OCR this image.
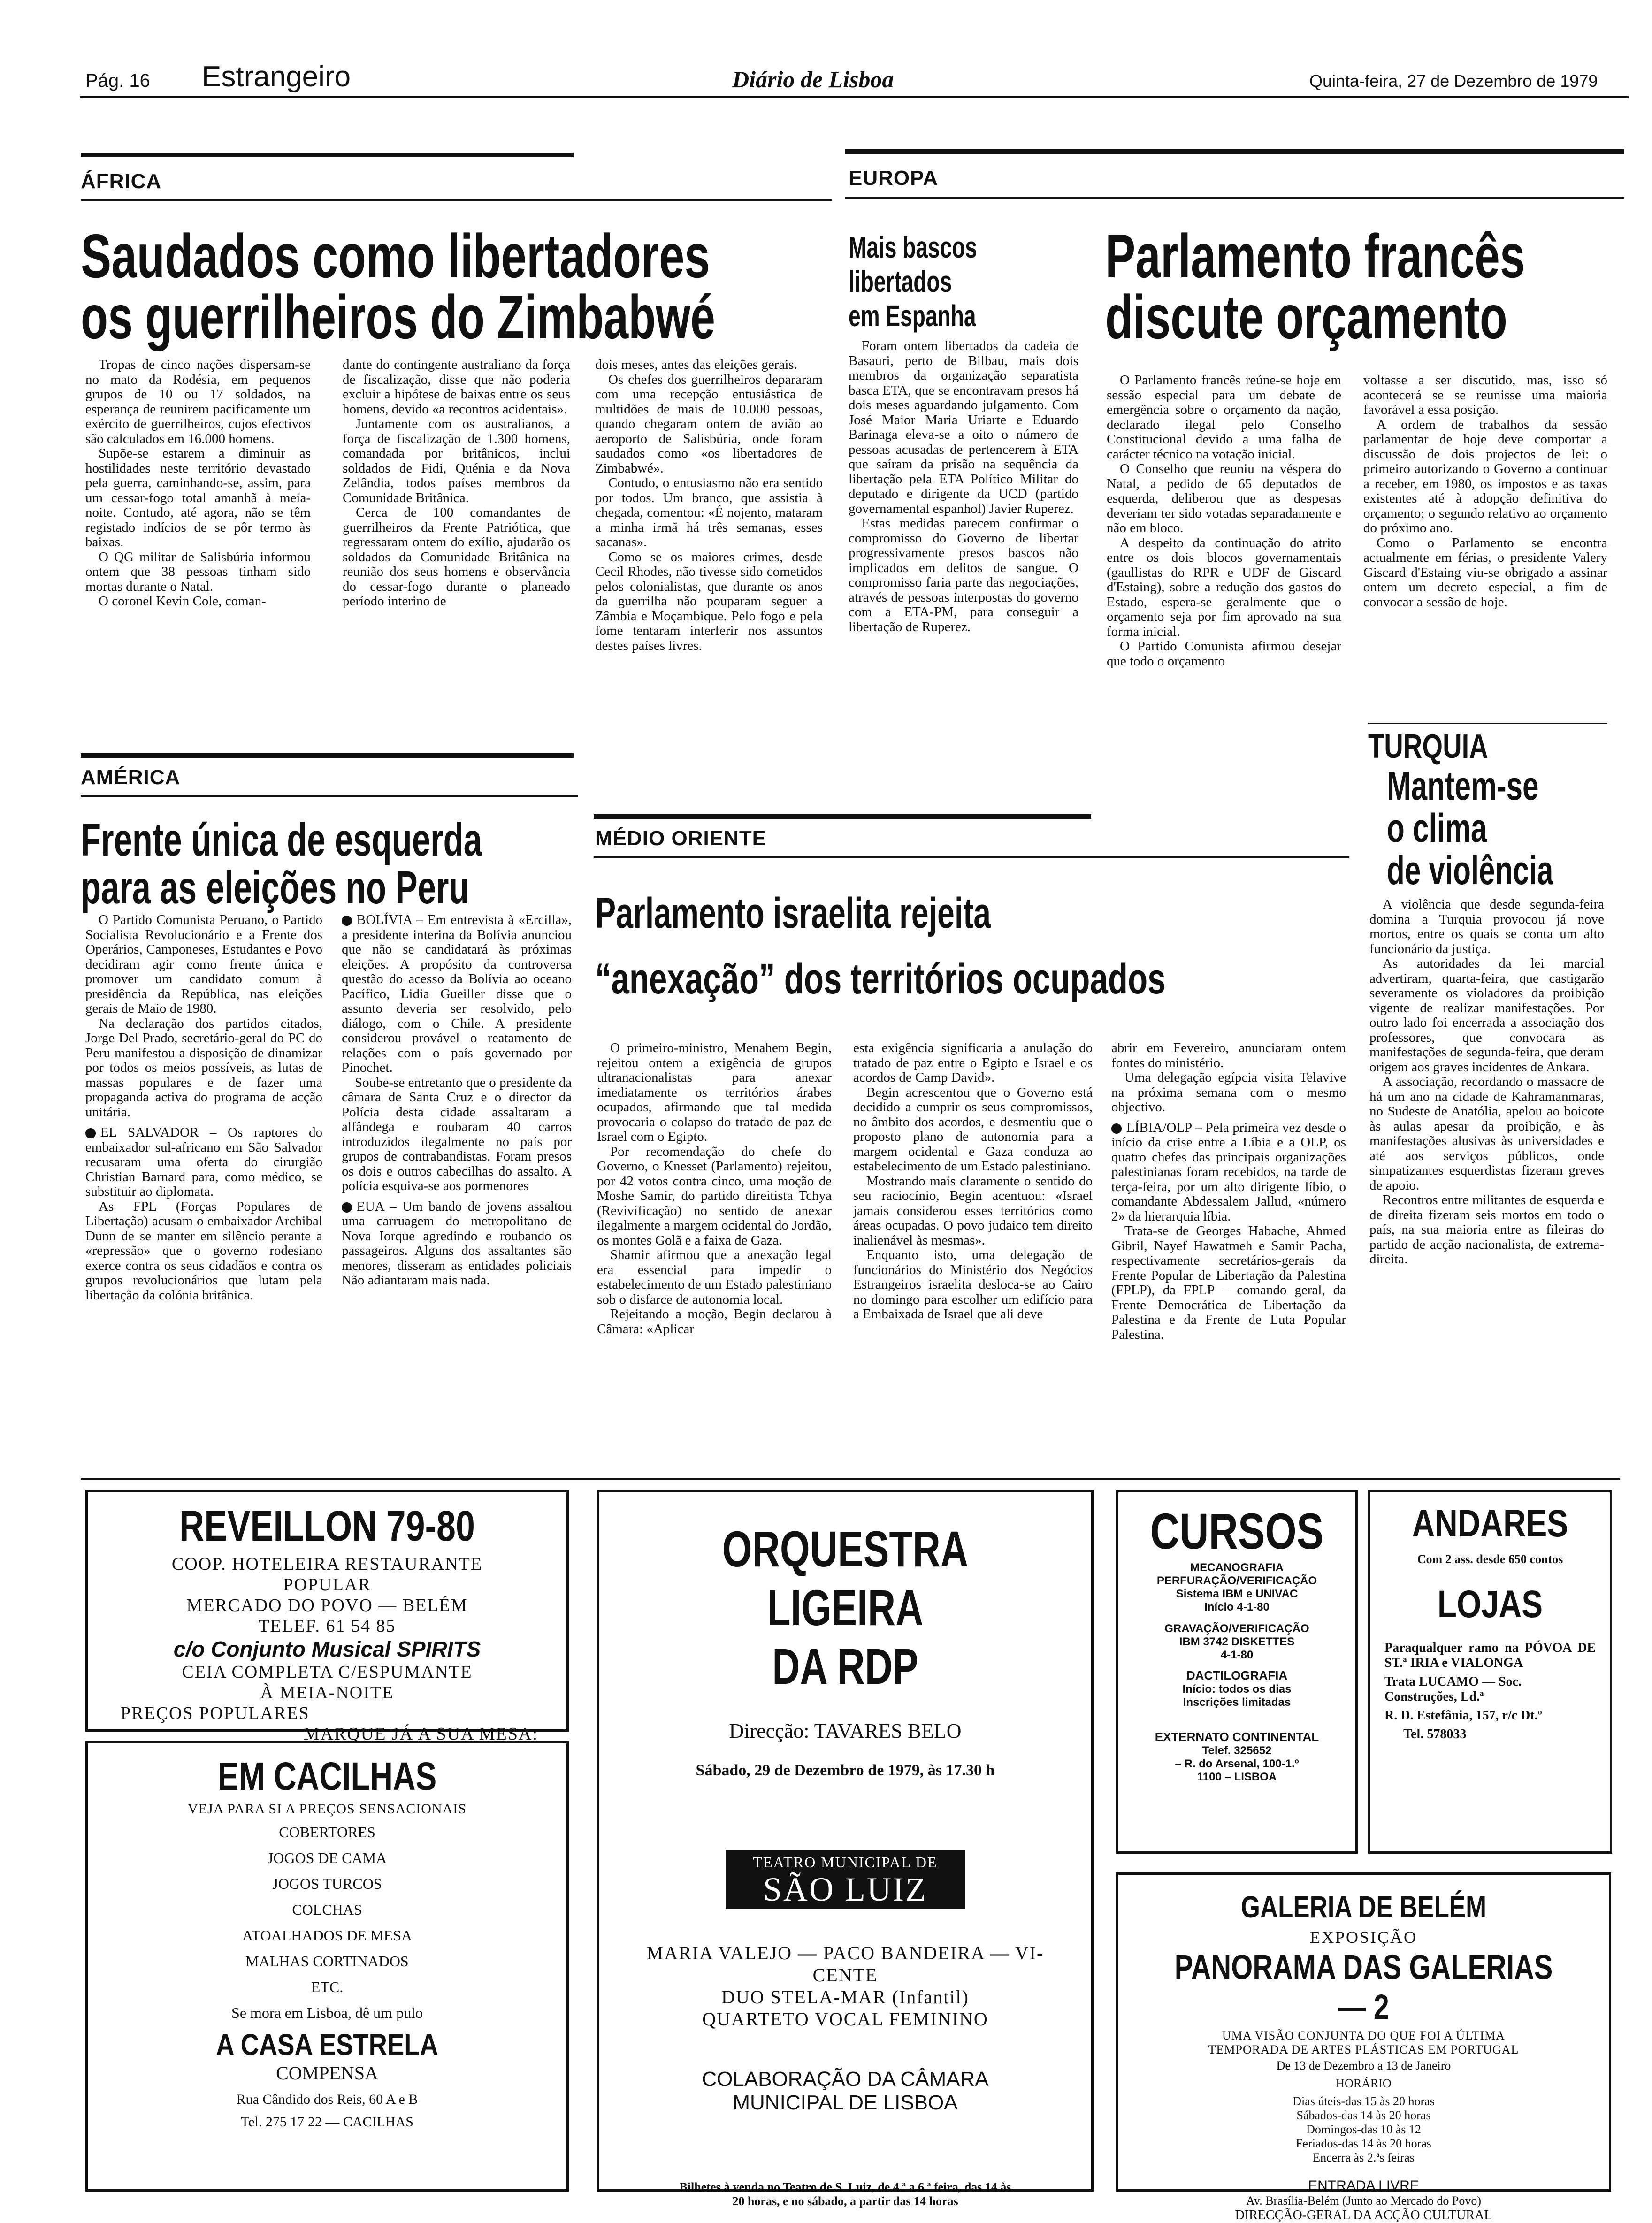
Pág. 16 Estrangeiro	Diário de Lisboa	Quinta-feira, 27 de Dezembro de 1979
ÁFRICA
Saudados como libertadores
os guerrilheiros do Zimbabwé

Tropas de cinco nações dispersam-se no mato da Rodésia, em pequenos grupos de 10 ou 17 soldados, na esperança de reunirem pacificamente um exército de guerrilheiros, cujos efectivos são calculados em 16.000 homens.

Supõe-se estarem a diminuir as hostilidades neste território devastado pela guerra, caminhando-se, assim, para um cessar-fogo total amanhã à meia-noite. Contudo, até agora, não se têm registado indícios de se pôr termo às baixas.

O QG militar de Salisbúria informou ontem que 38 pessoas tinham sido mortas durante o Natal.

O coronel Kevin Cole, coman-

dante do contingente australiano da força de fiscalização, disse que não poderia excluir a hipótese de baixas entre os seus homens, devido «a recontros acidentais».

Juntamente com os australianos, a força de fiscalização de 1.300 homens, comandada por britânicos, inclui soldados de Fidi, Quénia e da Nova Zelândia, todos países membros da Comunidade Britânica.

Cerca de 100 comandantes de guerrilheiros da Frente Patriótica, que regressaram ontem do exílio, ajudarão os soldados da Comunidade Britânica na reunião dos seus homens e observância do cessar-fogo durante o planeado período interino de

dois meses, antes das eleições gerais.

Os chefes dos guerrilheiros depararam com uma recepção entusiástica de multidões de mais de 10.000 pessoas, quando chegaram ontem de avião ao aeroporto de Salisbúria, onde foram saudados como «os libertadores de Zimbabwé».

Contudo, o entusiasmo não era sentido por todos. Um branco, que assistia à chegada, comentou: «É nojento, mataram a minha irmã há três semanas, esses sacanas».

Como se os maiores crimes, desde Cecil Rhodes, não tivesse sido cometidos pelos colonialistas, que durante os anos da guerrilha não pouparam seguer a Zâmbia e Moçambique. Pelo fogo e pela fome tentaram interferir nos assuntos destes países livres.

EUROPA
Mais bascos
libertados
em Espanha

Foram ontem libertados da cadeia de Basauri, perto de Bilbau, mais dois membros da organização separatista basca ETA, que se encontravam presos há dois meses aguardando julgamento. Com José Maior Maria Uriarte e Eduardo Barinaga eleva-se a oito o número de pessoas acusadas de pertencerem à ETA que saíram da prisão na sequência da libertação pela ETA Político Militar do deputado e dirigente da UCD (partido governamental espanhol) Javier Ruperez.

Estas medidas parecem confirmar o compromisso do Governo de libertar progressivamente presos bascos não implicados em delitos de sangue. O compromisso faria parte das negociações, através de pessoas interpostas do governo com a ETA-PM, para conseguir a libertação de Ruperez.

Parlamento francês
discute orçamento

O Parlamento francês reúne-se hoje em sessão especial para um debate de emergência sobre o orçamento da nação, declarado ilegal pelo Conselho Constitucional devido a uma falha de carácter técnico na votação inicial.

O Conselho que reuniu na véspera do Natal, a pedido de 65 deputados de esquerda, deliberou que as despesas deveriam ter sido votadas separadamente e não em bloco.

A despeito da continuação do atrito entre os dois blocos governamentais (gaullistas do RPR e UDF de Giscard d'Estaing), sobre a redução dos gastos do Estado, espera-se geralmente que o orçamento seja por fim aprovado na sua forma inicial.

O Partido Comunista afirmou desejar que todo o orçamento

voltasse a ser discutido, mas, isso só acontecerá se se reunisse uma maioria favorável a essa posição.

A ordem de trabalhos da sessão parlamentar de hoje deve comportar a discussão de dois projectos de lei: o primeiro autorizando o Governo a continuar a receber, em 1980, os impostos e as taxas existentes até à adopção definitiva do orçamento; o segundo relativo ao orçamento do próximo ano.

Como o Parlamento se encontra actualmente em férias, o presidente Valery Giscard d'Estaing viu-se obrigado a assinar ontem um decreto especial, a fim de convocar a sessão de hoje.

TURQUIA
Mantem-se
o clima
de violência

A violência que desde segunda-feira domina a Turquia provocou já nove mortos, entre os quais se conta um alto funcionário da justiça.

As autoridades da lei marcial advertiram, quarta-feira, que castigarão severamente os violadores da proibição vigente de realizar manifestações. Por outro lado foi encerrada a associação dos professores, que convocara as manifestações de segunda-feira, que deram origem aos graves incidentes de Ankara.

A associação, recordando o massacre de há um ano na cidade de Kahramanmaras, no Sudeste de Anatólia, apelou ao boicote às aulas apesar da proibição, e às manifestações alusivas às universidades e até aos serviços públicos, onde simpatizantes esquerdistas fizeram greves de apoio.

Recontros entre militantes de esquerda e de direita fizeram seis mortos em todo o país, na sua maioria entre as fileiras do partido de acção nacionalista, de extrema-direita.

AMÉRICA
Frente única de esquerda
para as eleições no Peru

O Partido Comunista Peruano, o Partido Socialista Revolucionário e a Frente dos Operários, Camponeses, Estudantes e Povo decidiram agir como frente única e promover um candidato comum à presidência da República, nas eleições gerais de Maio de 1980.

Na declaração dos partidos citados, Jorge Del Prado, secretário-geral do PC do Peru manifestou a disposição de dinamizar por todos os meios possíveis, as lutas de massas populares e de fazer uma propaganda activa do programa de acção unitária.

EL SALVADOR – Os raptores do embaixador sul-africano em São Salvador recusaram uma oferta do cirurgião Christian Barnard para, como médico, se substituir ao diplomata.

As FPL (Forças Populares de Libertação) acusam o embaixador Archibal Dunn de se manter em silêncio perante a «repressão» que o governo rodesiano exerce contra os seus cidadãos e contra os grupos revolucionários que lutam pela libertação da colónia britânica.

BOLÍVIA – Em entrevista à «Ercilla», a presidente interina da Bolívia anunciou que não se candidatará às próximas eleições. A propósito da controversa questão do acesso da Bolívia ao oceano Pacífico, Lidia Gueiller disse que o assunto deveria ser resolvido, pelo diálogo, com o Chile. A presidente considerou provável o reatamento de relações com o país governado por Pinochet.

Soube-se entretanto que o presidente da câmara de Santa Cruz e o director da Polícia desta cidade assaltaram a alfândega e roubaram 40 carros introduzidos ilegalmente no país por grupos de contrabandistas. Foram presos os dois e outros cabecilhas do assalto. A polícia esquiva-se aos pormenores

EUA – Um bando de jovens assaltou uma carruagem do metropolitano de Nova Iorque agredindo e roubando os passageiros. Alguns dos assaltantes são menores, disseram as entidades policiais Não adiantaram mais nada.

MÉDIO ORIENTE
Parlamento israelita rejeita
“anexação” dos territórios ocupados

O primeiro-ministro, Menahem Begin, rejeitou ontem a exigência de grupos ultranacionalistas para anexar imediatamente os territórios árabes ocupados, afirmando que tal medida provocaria o colapso do tratado de paz de Israel com o Egipto.

Por recomendação do chefe do Governo, o Knesset (Parlamento) rejeitou, por 42 votos contra cinco, uma moção de Moshe Samir, do partido direitista Tchya (Revivificação) no sentido de anexar ilegalmente a margem ocidental do Jordão, os montes Golã e a faixa de Gaza.

Shamir afirmou que a anexação legal era essencial para impedir o estabelecimento de um Estado palestiniano sob o disfarce de autonomia local.

Rejeitando a moção, Begin declarou à Câmara: «Aplicar

esta exigência significaria a anulação do tratado de paz entre o Egipto e Israel e os acordos de Camp David».

Begin acrescentou que o Governo está decidido a cumprir os seus compromissos, no âmbito dos acordos, e desmentiu que o proposto plano de autonomia para a margem ocidental e Gaza conduza ao estabelecimento de um Estado palestiniano.

Mostrando mais claramente o sentido do seu raciocínio, Begin acentuou: «Israel jamais considerou esses territórios como áreas ocupadas. O povo judaico tem direito inalienável às mesmas».

Enquanto isto, uma delegação de funcionários do Ministério dos Negócios Estrangeiros israelita desloca-se ao Cairo no domingo para escolher um edifício para a Embaixada de Israel que ali deve

abrir em Fevereiro, anunciaram ontem fontes do ministério.

Uma delegação egípcia visita Telavive na próxima semana com o mesmo objectivo.

LÍBIA/OLP – Pela primeira vez desde o início da crise entre a Líbia e a OLP, os quatro chefes das principais organizações palestinianas foram recebidos, na tarde de terça-feira, por um alto dirigente líbio, o comandante Abdessalem Jallud, «número 2» da hierarquia líbia.

Trata-se de Georges Habache, Ahmed Gibril, Nayef Hawatmeh e Samir Pacha, respectivamente secretários-gerais da Frente Popular de Libertação da Palestina (FPLP), da FPLP – comando geral, da Frente Democrática de Libertação da Palestina e da Frente de Luta Popular Palestina.

REVEILLON 79-80
COOP. HOTELEIRA RESTAURANTE
POPULAR
MERCADO DO POVO — BELÉM
TELEF. 61 54 85
c/o Conjunto Musical SPIRITS
CEIA COMPLETA C/ESPUMANTE
À MEIA-NOITE
PREÇOS POPULARES
MARQUE JÁ A SUA MESA:
EM CACILHAS
VEJA PARA SI A PREÇOS SENSACIONAIS
COBERTORES
JOGOS DE CAMA
JOGOS TURCOS
COLCHAS
ATOALHADOS DE MESA
MALHAS CORTINADOS
ETC.
Se mora em Lisboa, dê um pulo
A CASA ESTRELA
COMPENSA
Rua Cândido dos Reis, 60 A e B
Tel. 275 17 22 — CACILHAS
ORQUESTRA LIGEIRA
DA RDP
Direcção: TAVARES BELO
Sábado, 29 de Dezembro de 1979, às 17.30 h
TEATRO MUNICIPAL DE
SÃO LUIZ
MARIA VALEJO — PACO BANDEIRA — VI-
CENTE
DUO STELA-MAR (Infantil)
QUARTETO VOCAL FEMININO
COLABORAÇÃO DA CÂMARA
MUNICIPAL DE LISBOA
Bilhetes à venda no Teatro de S. Luiz, de 4.ª a 6.ª feira, das 14 às
20 horas, e no sábado, a partir das 14 horas
CURSOS
MECANOGRAFIA
PERFURAÇÃO/VERIFICAÇÃO
Sistema IBM e UNIVAC
Início 4-1-80
GRAVAÇÃO/VERIFICAÇÃO
IBM 3742 DISKETTES
4-1-80
DACTILOGRAFIA
Início: todos os dias
Inscrições limitadas
EXTERNATO CONTINENTAL
Telef. 325652
– R. do Arsenal, 100-1.º
1100 – LISBOA
ANDARES
Com 2 ass. desde 650 contos
LOJAS
Paraqualquer ramo na PÓVOA DE ST.ª IRIA e VIALONGA
Trata LUCAMO — Soc. Construções, Ld.ª
R. D. Estefânia, 157, r/c Dt.º
Tel. 578033
GALERIA DE BELÉM
EXPOSIÇÃO
PANORAMA DAS GALERIAS — 2
UMA VISÃO CONJUNTA DO QUE FOI A ÚLTIMA
TEMPORADA DE ARTES PLÁSTICAS EM PORTUGAL
De 13 de Dezembro a 13 de Janeiro
HORÁRIO
Dias úteis-das 15 às 20 horas
Sábados-das 14 às 20 horas
Domingos-das 10 às 12
Feriados-das 14 às 20 horas
Encerra às 2.ªs feiras
ENTRADA LIVRE
Av. Brasília-Belém (Junto ao Mercado do Povo)
DIRECÇÃO-GERAL DA ACÇÃO CULTURAL
